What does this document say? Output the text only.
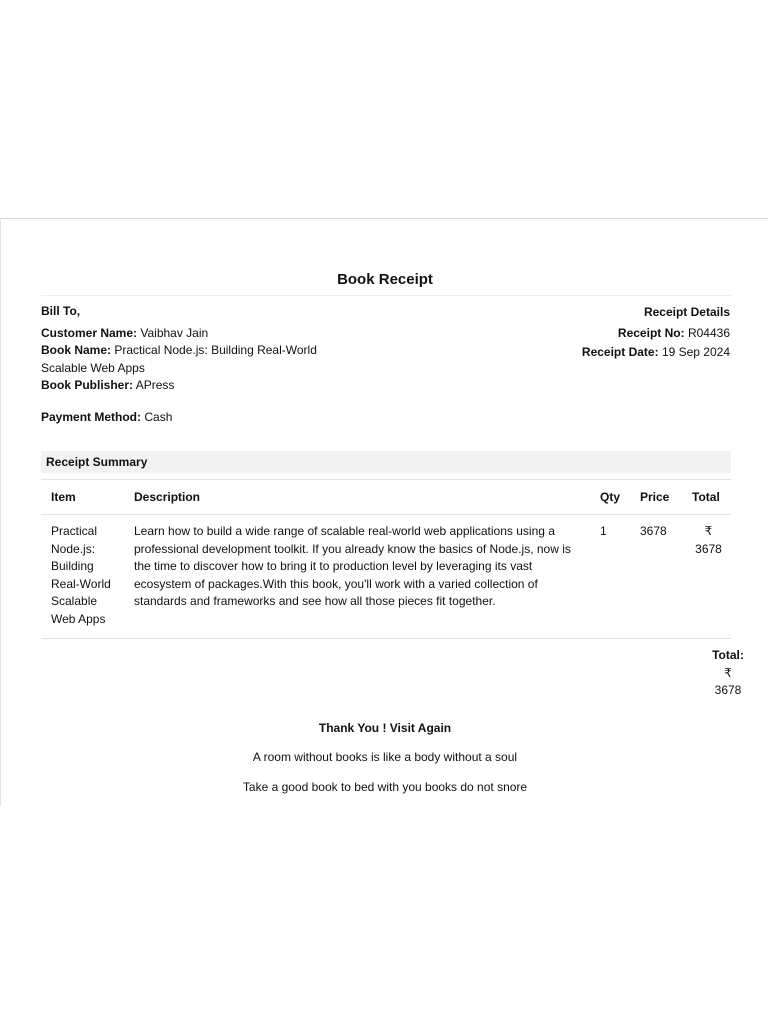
Book Receipt
Bill To,
Customer Name: Vaibhav Jain
Book Name: Practical Node.js: Building Real-World Scalable Web Apps
Book Publisher: APress
Payment Method: Cash
Receipt Details
Receipt No: R04436
Receipt Date: 19 Sep 2024
Receipt Summary
Item	Description	Qty	Price	Total
Practical Node.js: Building Real-World Scalable Web Apps	Learn how to build a wide range of scalable real-world web applications using a professional development toolkit. If you already know the basics of Node.js, now is the time to discover how to bring it to production level by leveraging its vast ecosystem of packages.With this book, you'll work with a varied collection of standards and frameworks and see how all those pieces fit together.	1	3678	₹
3678
Total:
₹
3678
Thank You ! Visit Again
A room without books is like a body without a soul
Take a good book to bed with you books do not snore
